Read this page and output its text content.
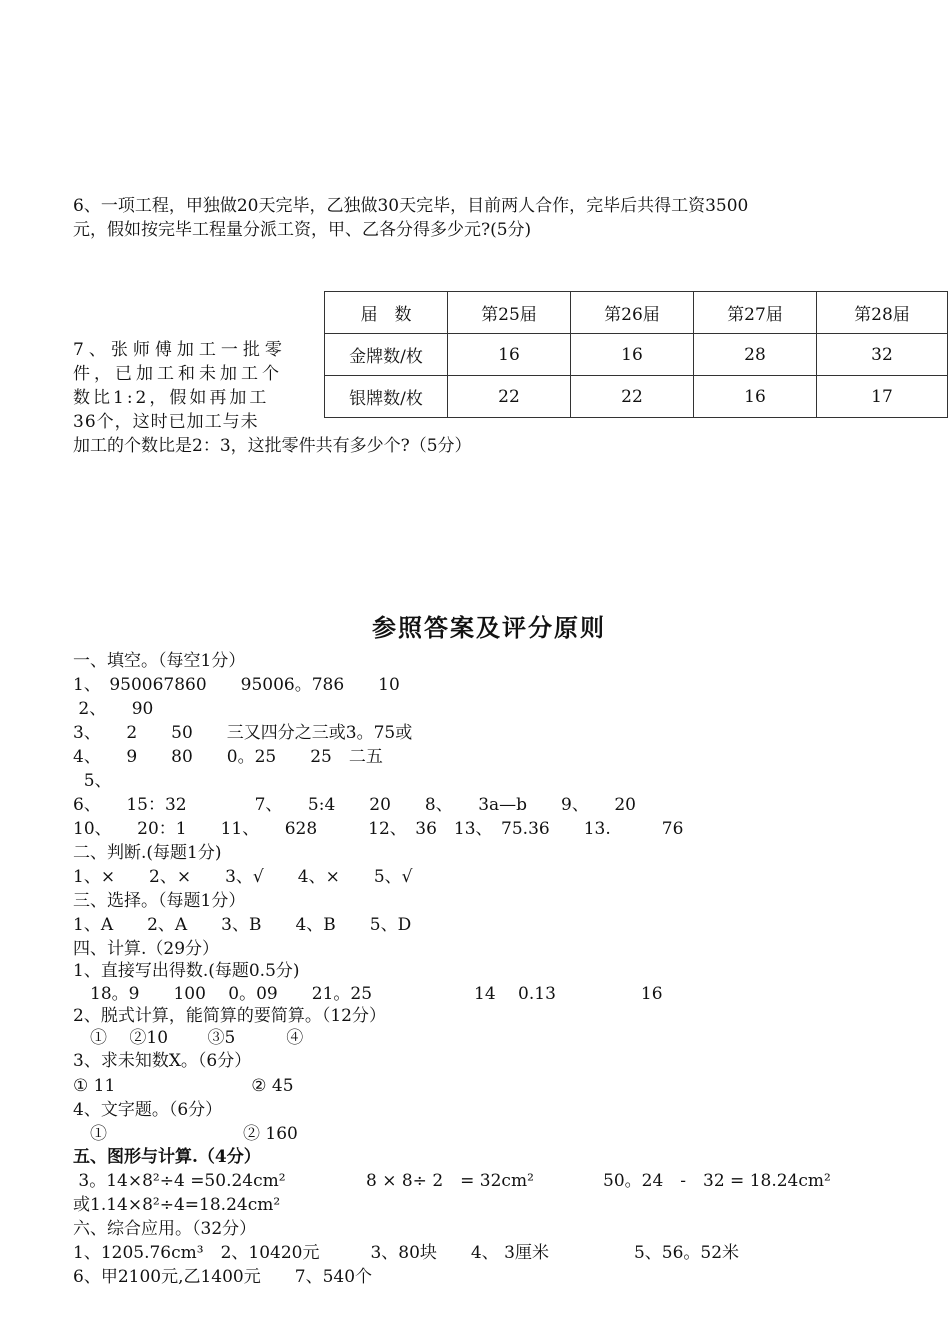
6、一项工程，甲独做20天完毕，乙独做30天完毕，目前两人合作，完毕后共得工资3500
元，假如按完毕工程量分派工资，甲、乙各分得多少元?(5分)
7、张师傅加工一批零
件，已加工和未加工个
数比1:2，假如再加工
36个，这时已加工与未
加工的个数比是2：3，这批零件共有多少个?（5分）
届　数	第25届	第26届	第27届	第28届
金牌数/枚	16	16	28	32
银牌数/枚	22	22	16	17
参照答案及评分原则
一、填空。（每空1分）
1、　950067860　　95006。786　　10
2、　　90
3、　　2　　50　　三又四分之三或3。75或
4、　　9　　80　　0。25　　25　二五
5、
6、　　15：32　　　　7、　　5:4　　20　　8、　　3a—b　　9、　　20
10、　　20：1　　11、　　628　　　12、　36　13、　75.36　　13.　　　76
二、判断.(每题1分)
1、×　　2、×　　3、√　　4、×　　5、√
三、选择。（每题1分）
1、A　　2、A　　3、B　　4、B　　5、D
四、计算.（29分）
1、直接写出得数.(每题0.5分)
　18。9　　100　 0。09　　21。25　　　　　　14　 0.13　　　　　16
2、脱式计算，能简算的要简算。（12分）
　①　 ②10　　 ③5　　　④
3、求未知数X。（6分）
① 11　　　　　　　　② 45
4、文字题。（6分）
　①　　　　　　　　② 160
五、图形与计算.（4分）
3。14×8²÷4 =50.24cm²	8 × 8÷ 2　= 32cm²	50。24　-　32 = 18.24cm²
或1.14×8²÷4=18.24cm²
六、综合应用。（32分）
1、1205.76cm³　2、10420元　　　3、80块　　4、 3厘米　　　　　5、56。52米
6、甲2100元,乙1400元　　7、540个
